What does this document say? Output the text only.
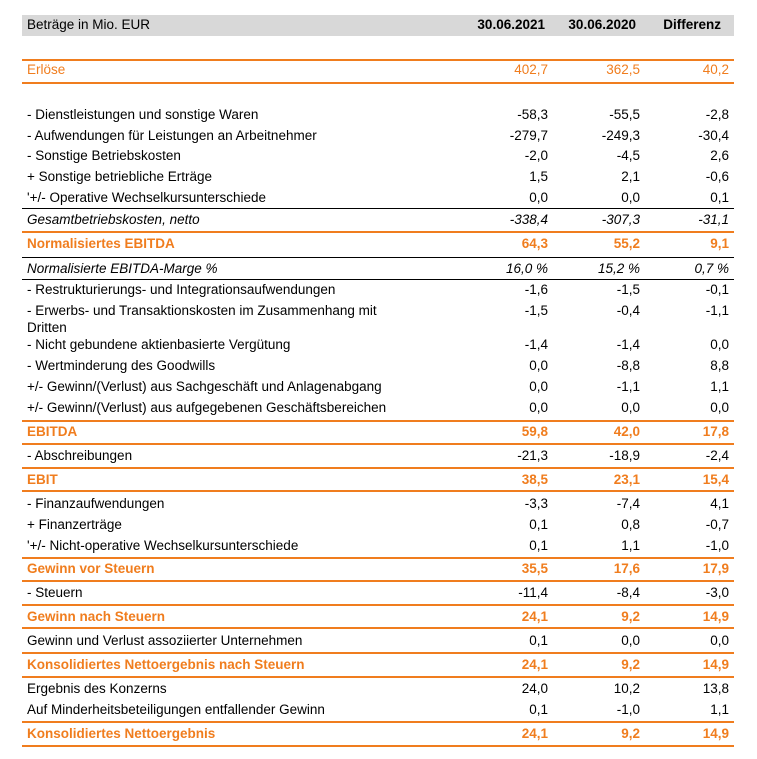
Beträge in Mio. EUR	30.06.2021 30.06.2020 Differenz
Erlöse	402,7	362,5	40,2
- Dienstleistungen und sonstige Waren	-58,3	-55,5	-2,8
- Aufwendungen für Leistungen an Arbeitnehmer	-279,7	-249,3	-30,4
- Sonstige Betriebskosten	-2,0	-4,5	2,6
+ Sonstige betriebliche Erträge	1,5	2,1	-0,6
'+/- Operative Wechselkursunterschiede	0,0	0,0	0,1
Gesamtbetriebskosten, netto	-338,4	-307,3	-31,1
Normalisiertes EBITDA	64,3	55,2	9,1
Normalisierte EBITDA-Marge %	16,0 %	15,2 %	0,7 %
- Restrukturierungs- und Integrationsaufwendungen	-1,6	-1,5	-0,1
- Erwerbs- und Transaktionskosten im Zusammenhang mit
Dritten
-1,5	-0,4	-1,1
- Nicht gebundene aktienbasierte Vergütung	-1,4	-1,4	0,0
- Wertminderung des Goodwills	0,0	-8,8	8,8
+/- Gewinn/(Verlust) aus Sachgeschäft und Anlagenabgang	0,0	-1,1	1,1
+/- Gewinn/(Verlust) aus aufgegebenen Geschäftsbereichen	0,0	0,0	0,0
EBITDA	59,8	42,0	17,8
- Abschreibungen	-21,3	-18,9	-2,4
EBIT	38,5	23,1	15,4
- Finanzaufwendungen	-3,3	-7,4	4,1
+ Finanzerträge	0,1	0,8	-0,7
'+/- Nicht-operative Wechselkursunterschiede	0,1	1,1	-1,0
Gewinn vor Steuern	35,5	17,6	17,9
- Steuern	-11,4	-8,4	-3,0
Gewinn nach Steuern	24,1	9,2	14,9
Gewinn und Verlust assoziierter Unternehmen	0,1	0,0	0,0
Konsolidiertes Nettoergebnis nach Steuern	24,1	9,2	14,9
Ergebnis des Konzerns	24,0	10,2	13,8
Auf Minderheitsbeteiligungen entfallender Gewinn	0,1	-1,0	1,1
Konsolidiertes Nettoergebnis	24,1	9,2	14,9
